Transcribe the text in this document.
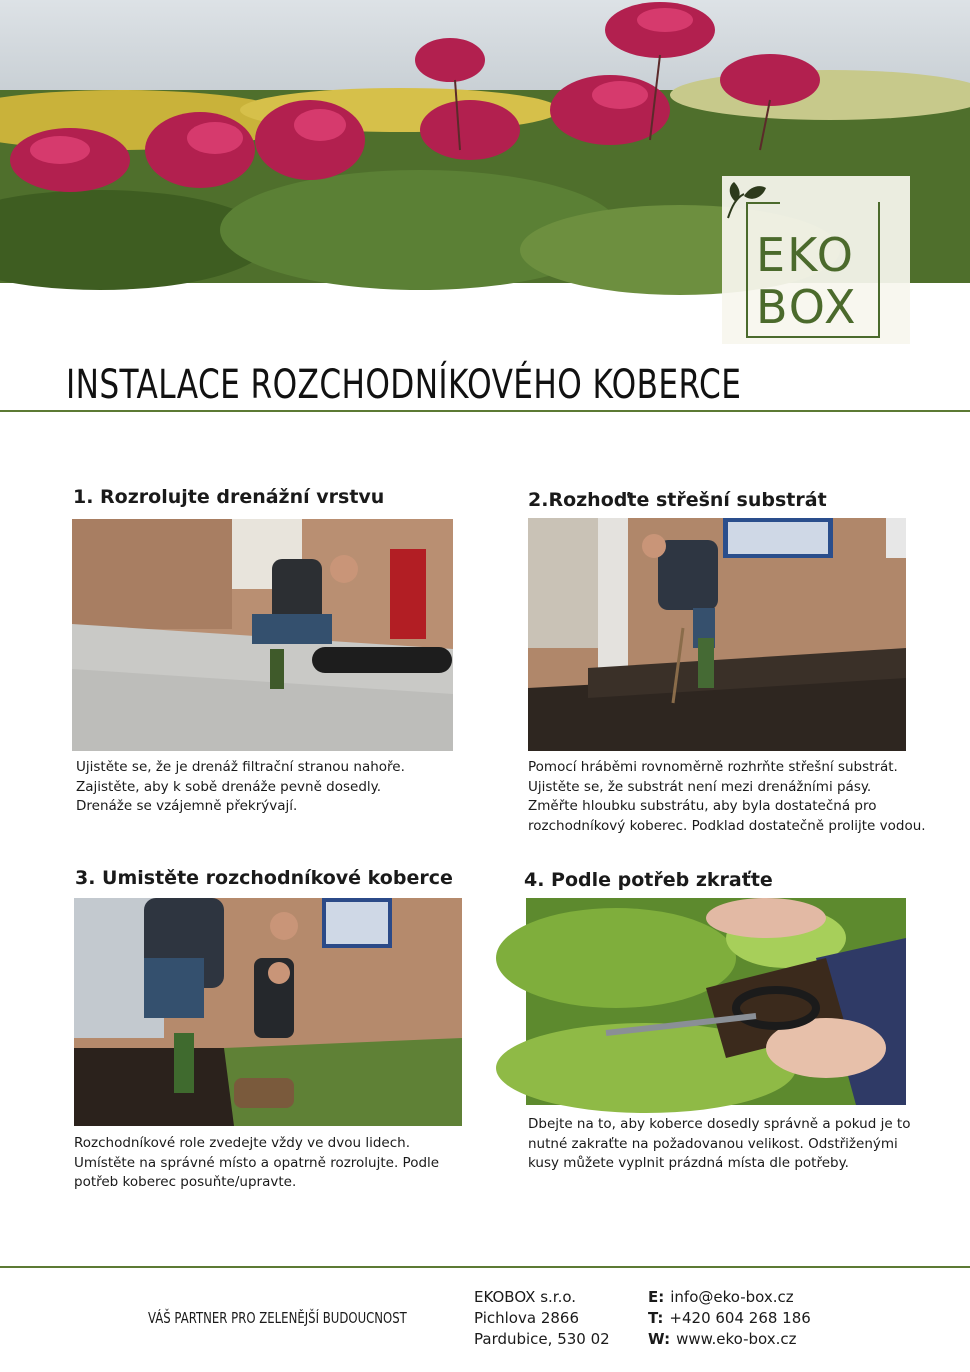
EKO
BOX
INSTALACE ROZCHODNÍKOVÉHO KOBERCE
1. Rozrolujte drenážní vrstvu
Ujistěte se, že je drenáž filtrační stranou nahoře.
Zajistěte, aby k sobě drenáže pevně dosedly.
Drenáže se vzájemně překrývají.
2.Rozhoďte střešní substrát
Pomocí hráběmi rovnoměrně rozhrňte střešní substrát.
Ujistěte se, že substrát není mezi drenážními pásy.
Změřte hloubku substrátu, aby byla dostatečná pro
rozchodníkový koberec. Podklad dostatečně prolijte vodou.
3. Umistěte rozchodníkové koberce
Rozchodníkové role zvedejte vždy ve dvou lidech.
Umístěte na správné místo a opatrně rozrolujte. Podle
potřeb koberec posuňte/upravte.
4. Podle potřeb zkraťte
Dbejte na to, aby koberce dosedly správně a pokud je to
nutné zakraťte na požadovanou velikost. Odstřiženými
kusy můžete vyplnit prázdná místa dle potřeby.

VÁŠ PARTNER PRO ZELENĚJŠÍ BUDOUCNOST

EKOBOX s.r.o.
Pichlova 2866
Pardubice, 530 02
E: info@eko-box.cz
T: +420 604 268 186
W: www.eko-box.cz
